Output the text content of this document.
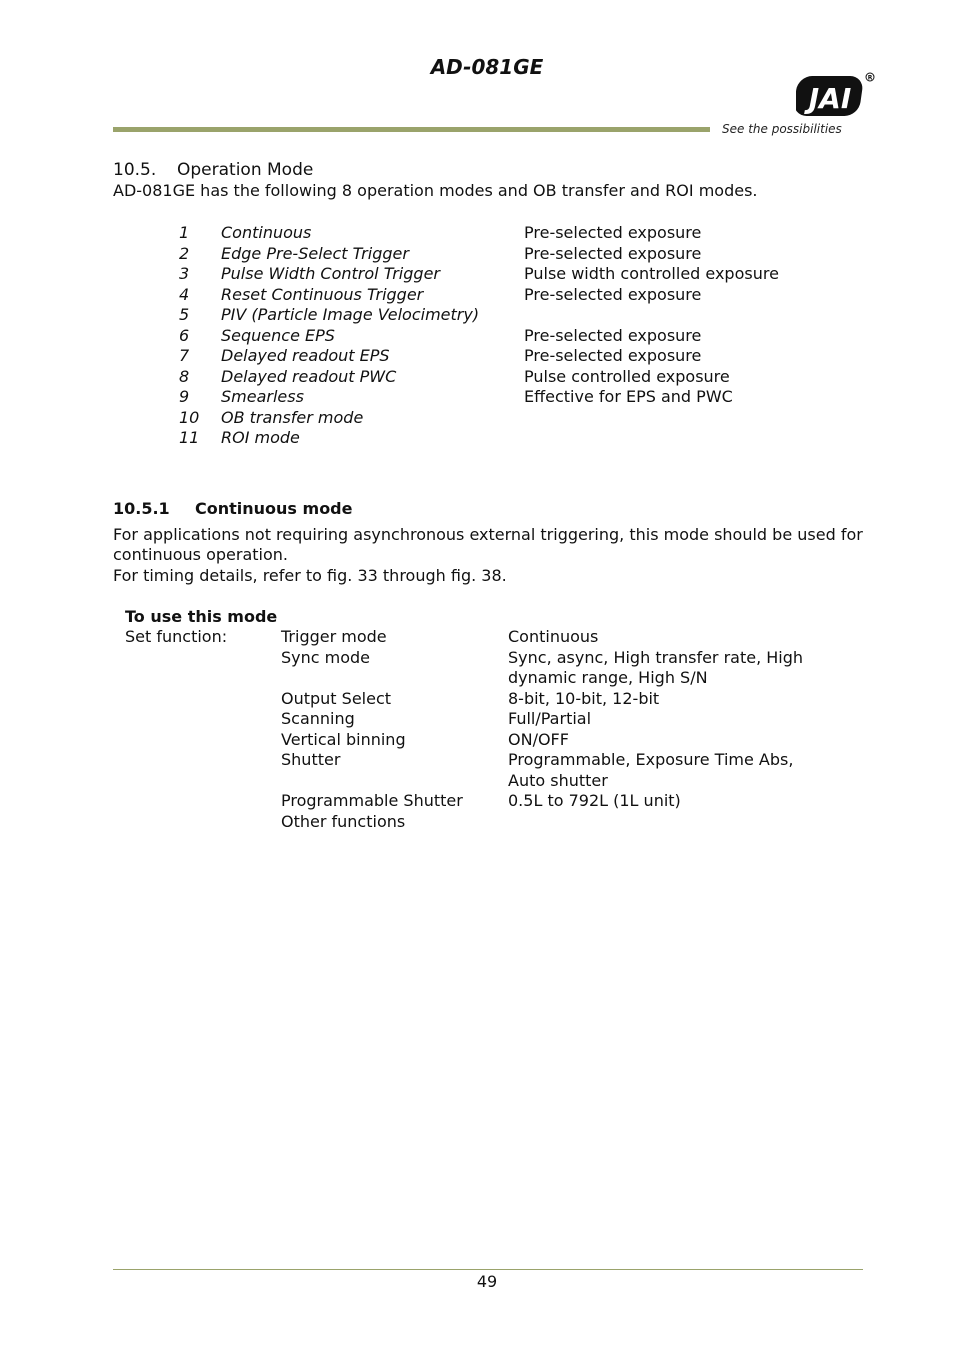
AD-081GE
JAI
R
See the possibilities
10.5. Operation Mode
AD-081GE has the following 8 operation modes and OB transfer and ROI modes.
1 Continuous	Pre-selected exposure
2 Edge Pre-Select Trigger	Pre-selected exposure
3 Pulse Width Control Trigger	Pulse width controlled exposure
4 Reset Continuous Trigger	Pre-selected exposure
5 PIV (Particle Image Velocimetry)
6 Sequence EPS	Pre-selected exposure
7 Delayed readout EPS	Pre-selected exposure
8 Delayed readout PWC	Pulse controlled exposure
9 Smearless	Effective for EPS and PWC
10 OB transfer mode
11 ROI mode
10.5.1 Continuous mode
For applications not requiring asynchronous external triggering, this mode should be used for
continuous operation.
For timing details, refer to fig. 33 through fig. 38.
To use this mode
Set function:	Trigger mode	Continuous
Sync mode	Sync, async, High transfer rate, High
dynamic range, High S/N
Output Select	8-bit, 10-bit, 12-bit
Scanning	Full/Partial
Vertical binning	ON/OFF
Shutter	Programmable, Exposure Time Abs,
Auto shutter
Programmable Shutter	0.5L to 792L (1L unit)
Other functions
49
